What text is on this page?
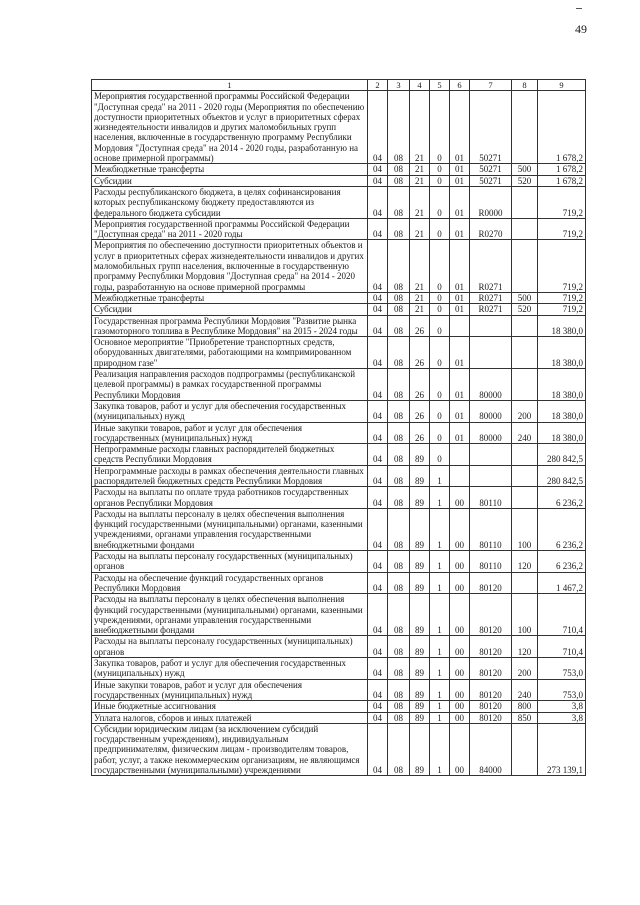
49
1	2	3	4	5	6	7	8	9
Мероприятия государственной программы Российской Федерации "Доступная среда" на 2011 - 2020 годы (Мероприятия по обеспечению доступности приоритетных объектов и услуг в приоритетных сферах жизнедеятельности инвалидов и других маломобильных групп населения, включенные в государственную программу Республики Мордовия "Доступная среда" на 2014 - 2020 годы, разработанную на основе примерной программы)	04	08	21	0	01	50271		1 678,2
Межбюджетные трансферты	04	08	21	0	01	50271	500	1 678,2
Субсидии	04	08	21	0	01	50271	520	1 678,2
Расходы республиканского бюджета, в целях софинансирования которых республиканскому бюджету предоставляются из федерального бюджета субсидии	04	08	21	0	01	R0000		719,2
Мероприятия государственной программы Российской Федерации "Доступная среда" на 2011 - 2020 годы	04	08	21	0	01	R0270		719,2
Мероприятия по обеспечению доступности приоритетных объектов и услуг в приоритетных сферах жизнедеятельности инвалидов и других маломобильных групп населения, включенные в государственную программу Республики Мордовия "Доступная среда" на 2014 - 2020 годы, разработанную на основе примерной программы	04	08	21	0	01	R0271		719,2
Межбюджетные трансферты	04	08	21	0	01	R0271	500	719,2
Субсидии	04	08	21	0	01	R0271	520	719,2
Государственная программа Республики Мордовия "Развитие рынка газомоторного топлива в Республике Мордовия" на 2015 - 2024 годы	04	08	26	0				18 380,0
Основное мероприятие "Приобретение транспортных средств, оборудованных двигателями, работающими на компримированном природном газе"	04	08	26	0	01			18 380,0
Реализация направления расходов подпрограммы (республиканской целевой программы) в рамках государственной программы Республики Мордовия	04	08	26	0	01	80000		18 380,0
Закупка товаров, работ и услуг для обеспечения государственных (муниципальных) нужд	04	08	26	0	01	80000	200	18 380,0
Иные закупки товаров, работ и услуг для обеспечения государственных (муниципальных) нужд	04	08	26	0	01	80000	240	18 380,0
Непрограммные расходы главных распорядителей бюджетных средств Республики Мордовия	04	08	89	0				280 842,5
Непрограммные расходы в рамках обеспечения деятельности главных распорядителей бюджетных средств Республики Мордовия	04	08	89	1				280 842,5
Расходы на выплаты по оплате труда работников государственных органов Республики Мордовия	04	08	89	1	00	80110		6 236,2
Расходы на выплаты персоналу в целях обеспечения выполнения функций государственными (муниципальными) органами, казенными учреждениями, органами управления государственными внебюджетными фондами	04	08	89	1	00	80110	100	6 236,2
Расходы на выплаты персоналу государственных (муниципальных) органов	04	08	89	1	00	80110	120	6 236,2
Расходы на обеспечение функций государственных органов Республики Мордовия	04	08	89	1	00	80120		1 467,2
Расходы на выплаты персоналу в целях обеспечения выполнения функций государственными (муниципальными) органами, казенными учреждениями, органами управления государственными внебюджетными фондами	04	08	89	1	00	80120	100	710,4
Расходы на выплаты персоналу государственных (муниципальных) органов	04	08	89	1	00	80120	120	710,4
Закупка товаров, работ и услуг для обеспечения государственных (муниципальных) нужд	04	08	89	1	00	80120	200	753,0
Иные закупки товаров, работ и услуг для обеспечения государственных (муниципальных) нужд	04	08	89	1	00	80120	240	753,0
Иные бюджетные ассигнования	04	08	89	1	00	80120	800	3,8
Уплата налогов, сборов и иных платежей	04	08	89	1	00	80120	850	3,8
Субсидии юридическим лицам (за исключением субсидий государственным учреждениям), индивидуальным предпринимателям, физическим лицам - производителям товаров, работ, услуг, а также некоммерческим организациям, не являющимся государственными (муниципальными) учреждениями	04	08	89	1	00	84000		273 139,1
